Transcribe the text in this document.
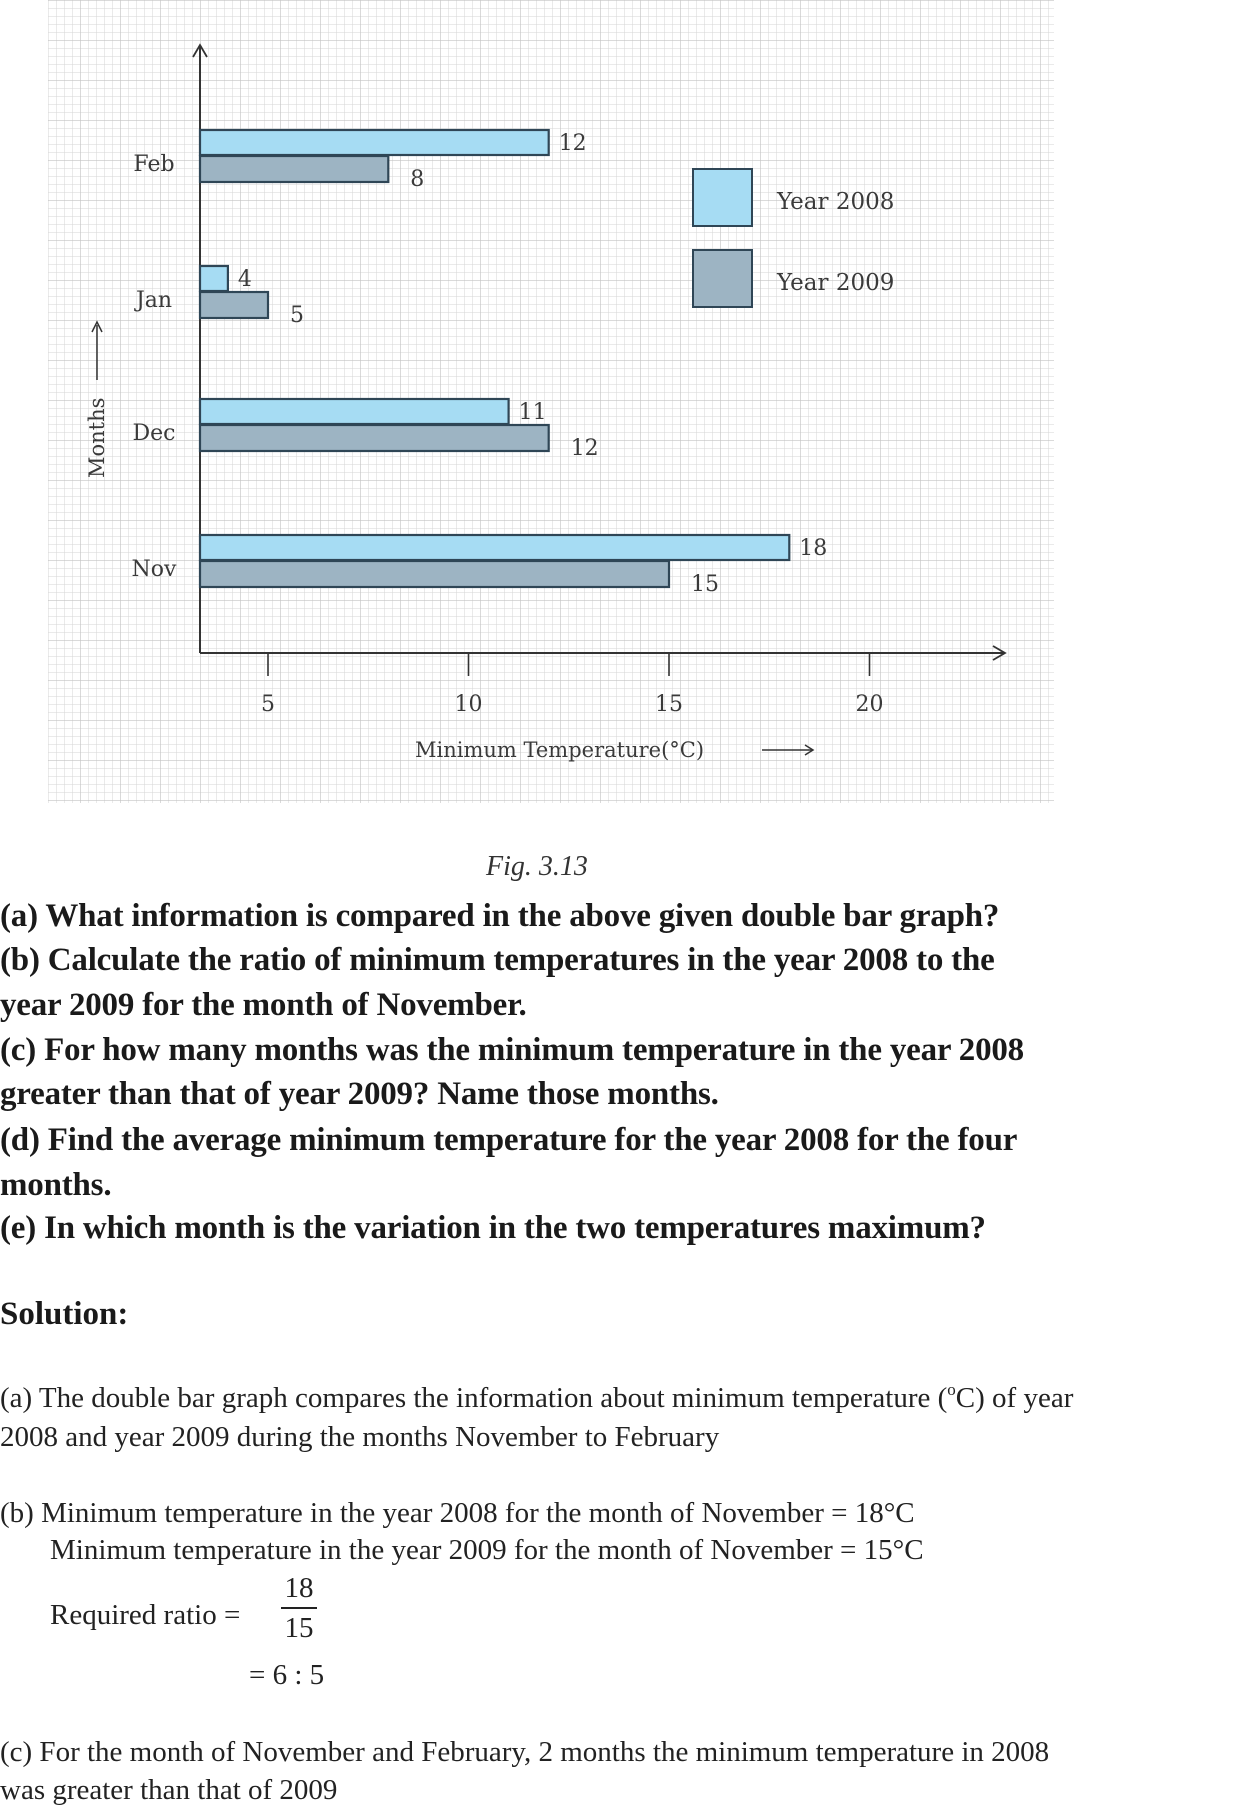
5	10	15	20
Minimum Temperature(°C)
Months
Nov
18
15
Dec
11
12
Jan
4
5
Feb
12
8
Year 2008
Year 2009
Fig. 3.13
(a) What information is compared in the above given double bar graph?
(b) Calculate the ratio of minimum temperatures in the year 2008 to the
year 2009 for the month of November.
(c) For how many months was the minimum temperature in the year 2008
greater than that of year 2009? Name those months.
(d) Find the average minimum temperature for the year 2008 for the four
months.
(e) In which month is the variation in the two temperatures maximum?
Solution:
(a) The double bar graph compares the information about minimum temperature ($^o$C) of year
2008 and year 2009 during the months November to February
(b) Minimum temperature in the year 2008 for the month of November = 18°C
Minimum temperature in the year 2009 for the month of November = 15°C
Required ratio =
18
15
= 6 : 5
(c) For the month of November and February, 2 months the minimum temperature in 2008
was greater than that of 2009
